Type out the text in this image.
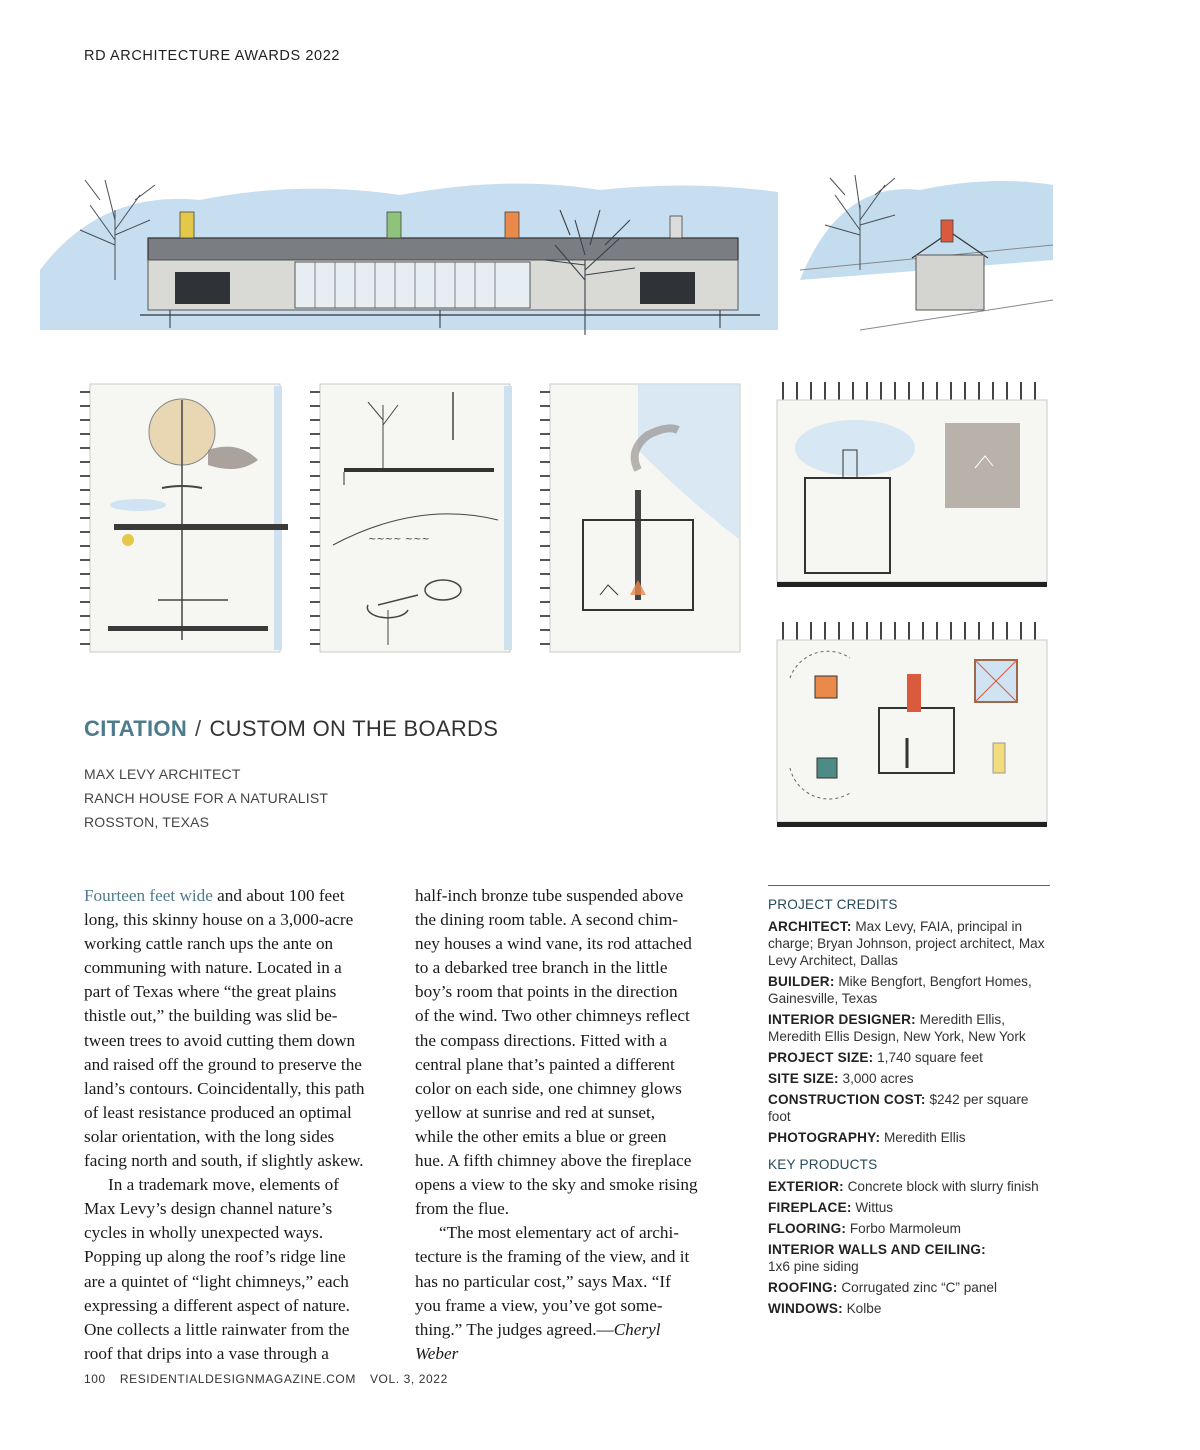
RD ARCHITECTURE AWARDS 2022
~~~~ ~~~
CITATION / CUSTOM ON THE BOARDS
MAX LEVY ARCHITECT
RANCH HOUSE FOR A NATURALIST
ROSSTON, TEXAS
Fourteen feet wide and about 100 feet
long, this skinny house on a 3,000-acre
working cattle ranch ups the ante on
communing with nature. Located in a
part of Texas where “the great plains
thistle out,” the building was slid be-
tween trees to avoid cutting them down
and raised off the ground to preserve the
land’s contours. Coincidentally, this path
of least resistance produced an optimal
solar orientation, with the long sides
facing north and south, if slightly askew.
In a trademark move, elements of
Max Levy’s design channel nature’s
cycles in wholly unexpected ways.
Popping up along the roof’s ridge line
are a quintet of “light chimneys,” each
expressing a different aspect of nature.
One collects a little rainwater from the
roof that drips into a vase through a
half-inch bronze tube suspended above
the dining room table. A second chim-
ney houses a wind vane, its rod attached
to a debarked tree branch in the little
boy’s room that points in the direction
of the wind. Two other chimneys reflect
the compass directions. Fitted with a
central plane that’s painted a different
color on each side, one chimney glows
yellow at sunrise and red at sunset,
while the other emits a blue or green
hue. A fifth chimney above the fireplace
opens a view to the sky and smoke rising
from the flue.
“The most elementary act of archi-
tecture is the framing of the view, and it
has no particular cost,” says Max. “If
you frame a view, you’ve got some-
thing.” The judges agreed.—Cheryl
Weber
PROJECT CREDITS
ARCHITECT: Max Levy, FAIA, principal in charge; Bryan Johnson, project architect, Max Levy Architect, Dallas
BUILDER: Mike Bengfort, Bengfort Homes, Gainesville, Texas
INTERIOR DESIGNER: Meredith Ellis, Meredith Ellis Design, New York, New York
PROJECT SIZE: 1,740 square feet
SITE SIZE: 3,000 acres
CONSTRUCTION COST: $242 per square foot
PHOTOGRAPHY: Meredith Ellis
KEY PRODUCTS
EXTERIOR: Concrete block with slurry finish
FIREPLACE: Wittus
FLOORING: Forbo Marmoleum
INTERIOR WALLS AND CEILING:
1x6 pine siding
ROOFING: Corrugated zinc “C” panel
WINDOWS: Kolbe
100 RESIDENTIALDESIGNMAGAZINE.COM VOL. 3, 2022
